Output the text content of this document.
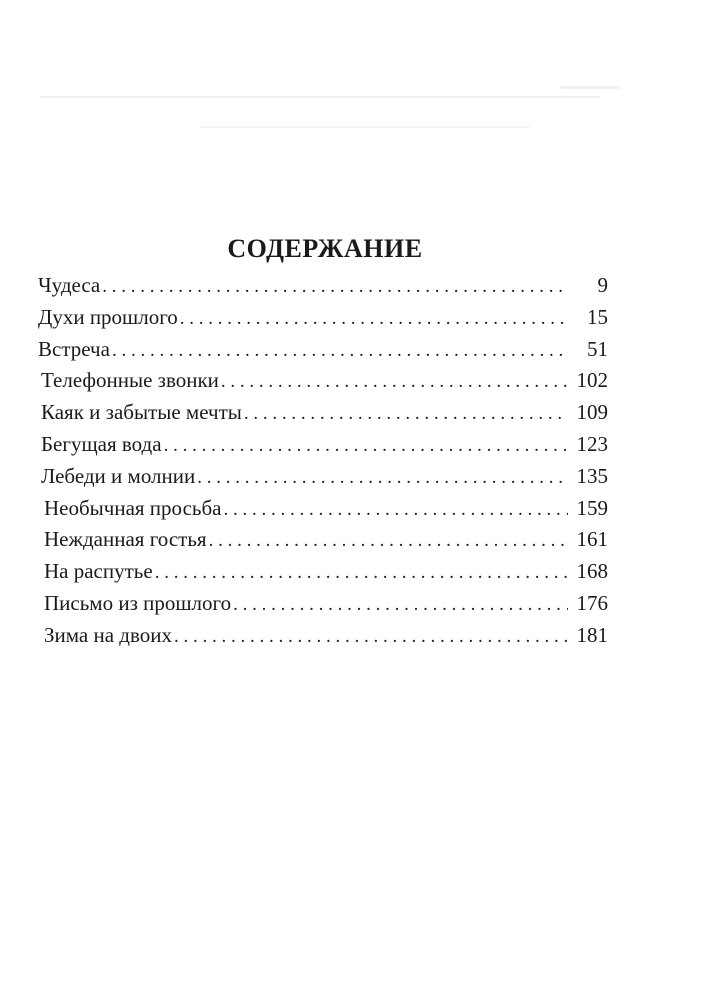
СОДЕРЖАНИЕ
Чудеса . . .	9
Духи прошлого . . .	15
Встреча . . .	51
Телефонные звонки . . .	102
Каяк и забытые мечты . . .	109
Бегущая вода . . .	123
Лебеди и молнии . . .	135
Необычная просьба . . .	159
Нежданная гостья . . .	161
На распутье . . .	168
Письмо из прошлого . . .	176
Зима на двоих . . .	181
